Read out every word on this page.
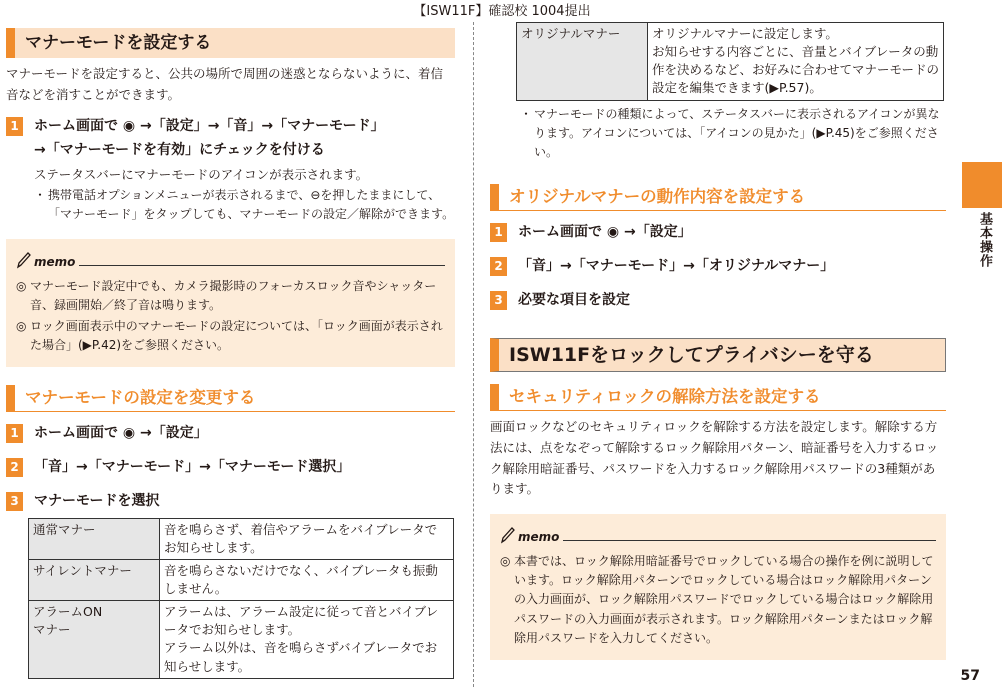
【ISW11F】確認校 1004提出
基本操作
57
マナーモードを設定する

マナーモードを設定すると、公共の場所で周囲の迷惑とならないように、着信音などを消すことができます。

1	ホーム画面で ◉ →「設定」→「音」→「マナーモード」
→「マナーモードを有効」にチェックを付ける
ステータスバーにマナーモードのアイコンが表示されます。
・ 携帯電話オプションメニューが表示されるまで、⊖を押したままにして、「マナーモード」をタップしても、マナーモードの設定／解除ができます。
memo
◎ マナーモード設定中でも、カメラ撮影時のフォーカスロック音やシャッター音、録画開始／終了音は鳴ります。
◎ ロック画面表示中のマナーモードの設定については、「ロック画面が表示された場合」(▶P.42)をご参照ください。
マナーモードの設定を変更する
1	ホーム画面で ◉ →「設定」
2	「音」→「マナーモード」→「マナーモード選択」
3	マナーモードを選択
通常マナー	音を鳴らさず、着信やアラームをバイブレータでお知らせします。
サイレントマナー	音を鳴らさないだけでなく、バイブレータも振動しません。
アラームON
マナー	アラームは、アラーム設定に従って音とバイブレータでお知らせします。
アラーム以外は、音を鳴らさずバイブレータでお知らせします。
オリジナルマナー	オリジナルマナーに設定します。
お知らせする内容ごとに、音量とバイブレータの動作を決めるなど、お好みに合わせてマナーモードの設定を編集できます(▶P.57)。
・ マナーモードの種類によって、ステータスバーに表示されるアイコンが異なります。アイコンについては、「アイコンの見かた」(▶P.45)をご参照ください。
オリジナルマナーの動作内容を設定する
1	ホーム画面で ◉ →「設定」
2	「音」→「マナーモード」→「オリジナルマナー」
3	必要な項目を設定
ISW11Fをロックしてプライバシーを守る
セキュリティロックの解除方法を設定する

画面ロックなどのセキュリティロックを解除する方法を設定します。解除する方法には、点をなぞって解除するロック解除用パターン、暗証番号を入力するロック解除用暗証番号、パスワードを入力するロック解除用パスワードの3種類があります。

memo
◎ 本書では、ロック解除用暗証番号でロックしている場合の操作を例に説明しています。ロック解除用パターンでロックしている場合はロック解除用パターンの入力画面が、ロック解除用パスワードでロックしている場合はロック解除用パスワードの入力画面が表示されます。ロック解除用パターンまたはロック解除用パスワードを入力してください。
